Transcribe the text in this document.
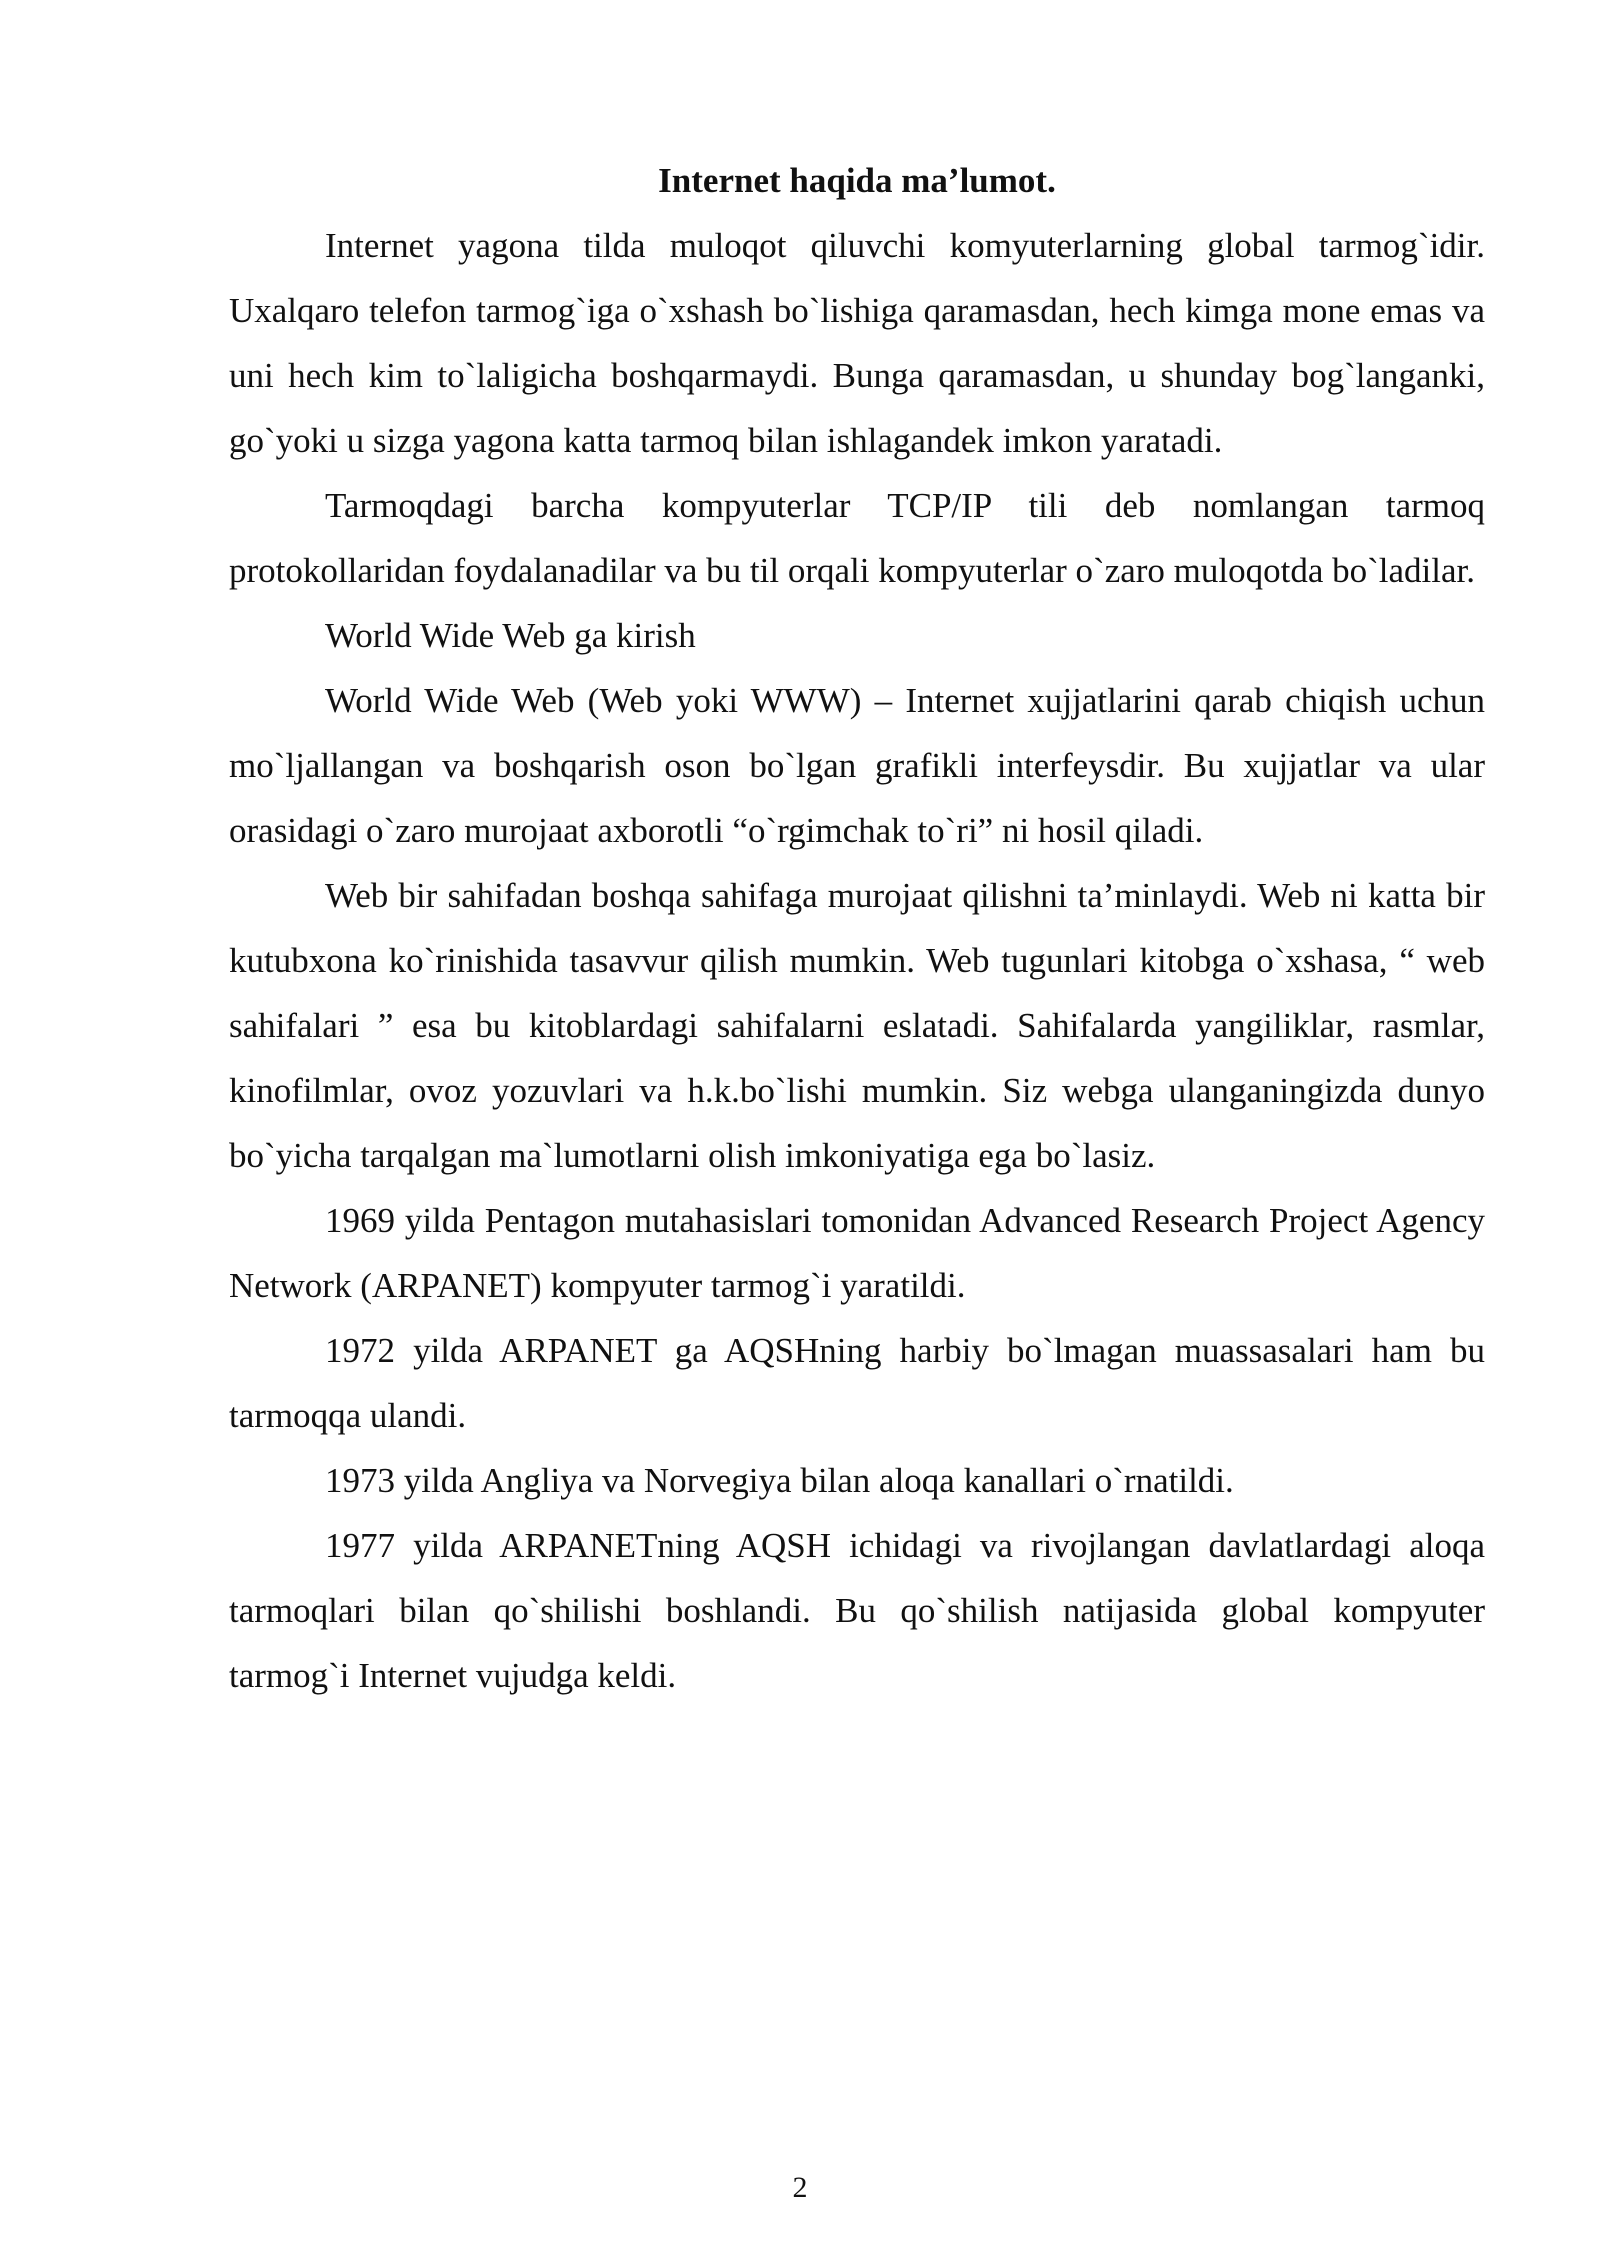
Internet haqida ma’lumot.

Internet yagona tilda muloqot qiluvchi komyuterlarning global tarmog`idir. Uxalqaro telefon tarmog`iga o`xshash bo`lishiga qaramasdan, hech kimga mone emas va uni hech kim to`laligicha boshqarmaydi. Bunga qaramasdan, u shunday bog`langanki, go`yoki u sizga yagona katta tarmoq bilan ishlagandek imkon yaratadi.

Tarmoqdagi barcha kompyuterlar TCP/IP tili deb nomlangan tarmoq protokollaridan foydalanadilar va bu til orqali kompyuterlar o`zaro muloqotda bo`ladilar.

World Wide Web ga kirish

World Wide Web (Web yoki WWW) – Internet xujjatlarini qarab chiqish uchun mo`ljallangan va boshqarish oson bo`lgan grafikli interfeysdir. Bu xujjatlar va ular orasidagi o`zaro murojaat axborotli “o`rgimchak to`ri” ni hosil qiladi.

Web bir sahifadan boshqa sahifaga murojaat qilishni ta’minlaydi. Web ni katta bir kutubxona ko`rinishida tasavvur qilish mumkin. Web tugunlari kitobga o`xshasa, “ web sahifalari ” esa bu kitoblardagi sahifalarni eslatadi. Sahifalarda yangiliklar, rasmlar, kinofilmlar, ovoz yozuvlari va h.k.bo`lishi mumkin. Siz webga ulanganingizda dunyo bo`yicha tarqalgan ma`lumotlarni olish imkoniyatiga ega bo`lasiz.

1969 yilda Pentagon mutahasislari tomonidan Advanced Research Project Agency Network (ARPANET) kompyuter tarmog`i yaratildi.

1972 yilda ARPANET ga AQSHning harbiy bo`lmagan muassasalari ham bu tarmoqqa ulandi.

1973 yilda Angliya va Norvegiya bilan aloqa kanallari o`rnatildi.

1977 yilda ARPANETning AQSH ichidagi va rivojlangan davlatlardagi aloqa tarmoqlari bilan qo`shilishi boshlandi. Bu qo`shilish natijasida global kompyuter tarmog`i Internet vujudga keldi.

2
